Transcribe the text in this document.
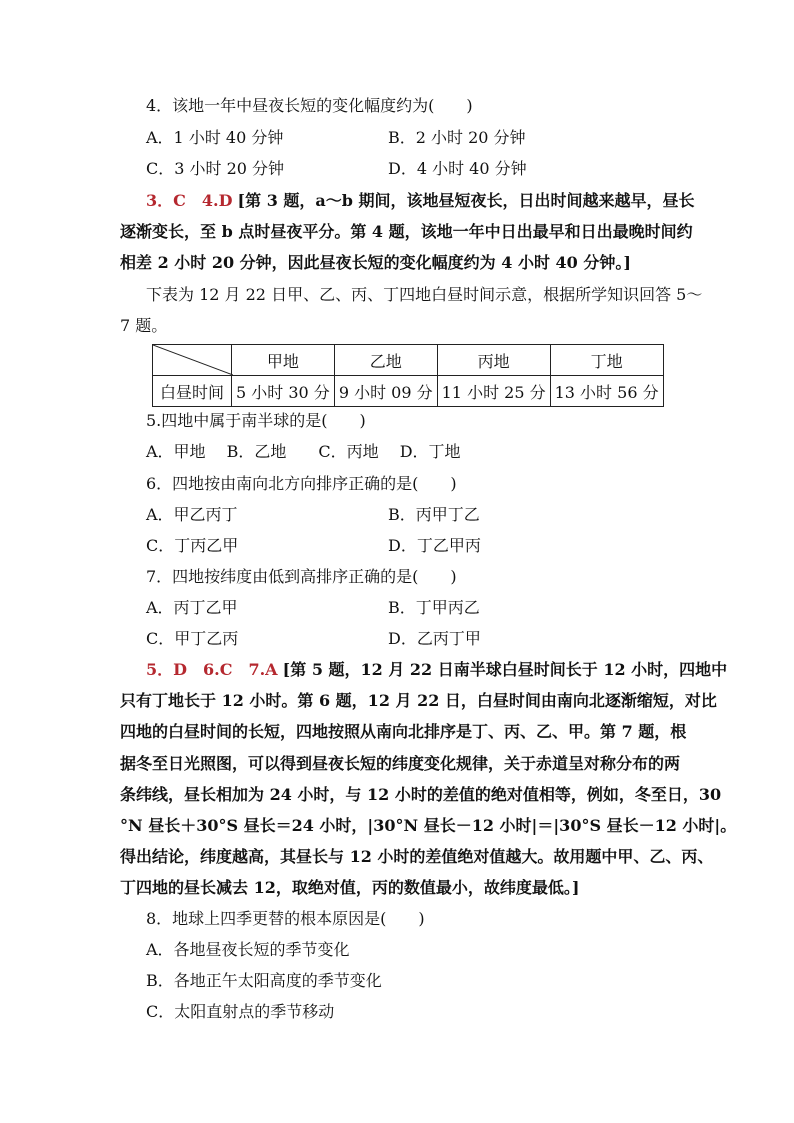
4．该地一年中昼夜长短的变化幅度约为(　　)
A．1 小时 40 分钟	B．2 小时 20 分钟
C．3 小时 20 分钟	D．4 小时 40 分钟
3．C　4.D [第 3 题，a～b 期间，该地昼短夜长，日出时间越来越早，昼长
逐渐变长，至 b 点时昼夜平分。第 4 题，该地一年中日出最早和日出最晚时间约
相差 2 小时 20 分钟，因此昼夜长短的变化幅度约为 4 小时 40 分钟。]
下表为 12 月 22 日甲、乙、丙、丁四地白昼时间示意，根据所学知识回答 5～
7 题。
	甲地	乙地	丙地	丁地
白昼时间	5 小时 30 分	9 小时 09 分	11 小时 25 分	13 小时 56 分
5.四地中属于南半球的是(　　)
A．甲地　 B．乙地　　C．丙地　 D．丁地
6．四地按由南向北方向排序正确的是(　　)
A．甲乙丙丁	B．丙甲丁乙
C．丁丙乙甲	D．丁乙甲丙
7．四地按纬度由低到高排序正确的是(　　)
A．丙丁乙甲	B．丁甲丙乙
C．甲丁乙丙	D．乙丙丁甲
5．D　6.C　7.A [第 5 题，12 月 22 日南半球白昼时间长于 12 小时，四地中
只有丁地长于 12 小时。第 6 题，12 月 22 日，白昼时间由南向北逐渐缩短，对比
四地的白昼时间的长短，四地按照从南向北排序是丁、丙、乙、甲。第 7 题，根
据冬至日光照图，可以得到昼夜长短的纬度变化规律，关于赤道呈对称分布的两
条纬线，昼长相加为 24 小时，与 12 小时的差值的绝对值相等，例如，冬至日，30
°N 昼长＋30°S 昼长＝24 小时，|30°N 昼长－12 小时|＝|30°S 昼长－12 小时|。
得出结论，纬度越高，其昼长与 12 小时的差值绝对值越大。故用题中甲、乙、丙、
丁四地的昼长减去 12，取绝对值，丙的数值最小，故纬度最低。]
8．地球上四季更替的根本原因是(　　)
A．各地昼夜长短的季节变化
B．各地正午太阳高度的季节变化
C．太阳直射点的季节移动
